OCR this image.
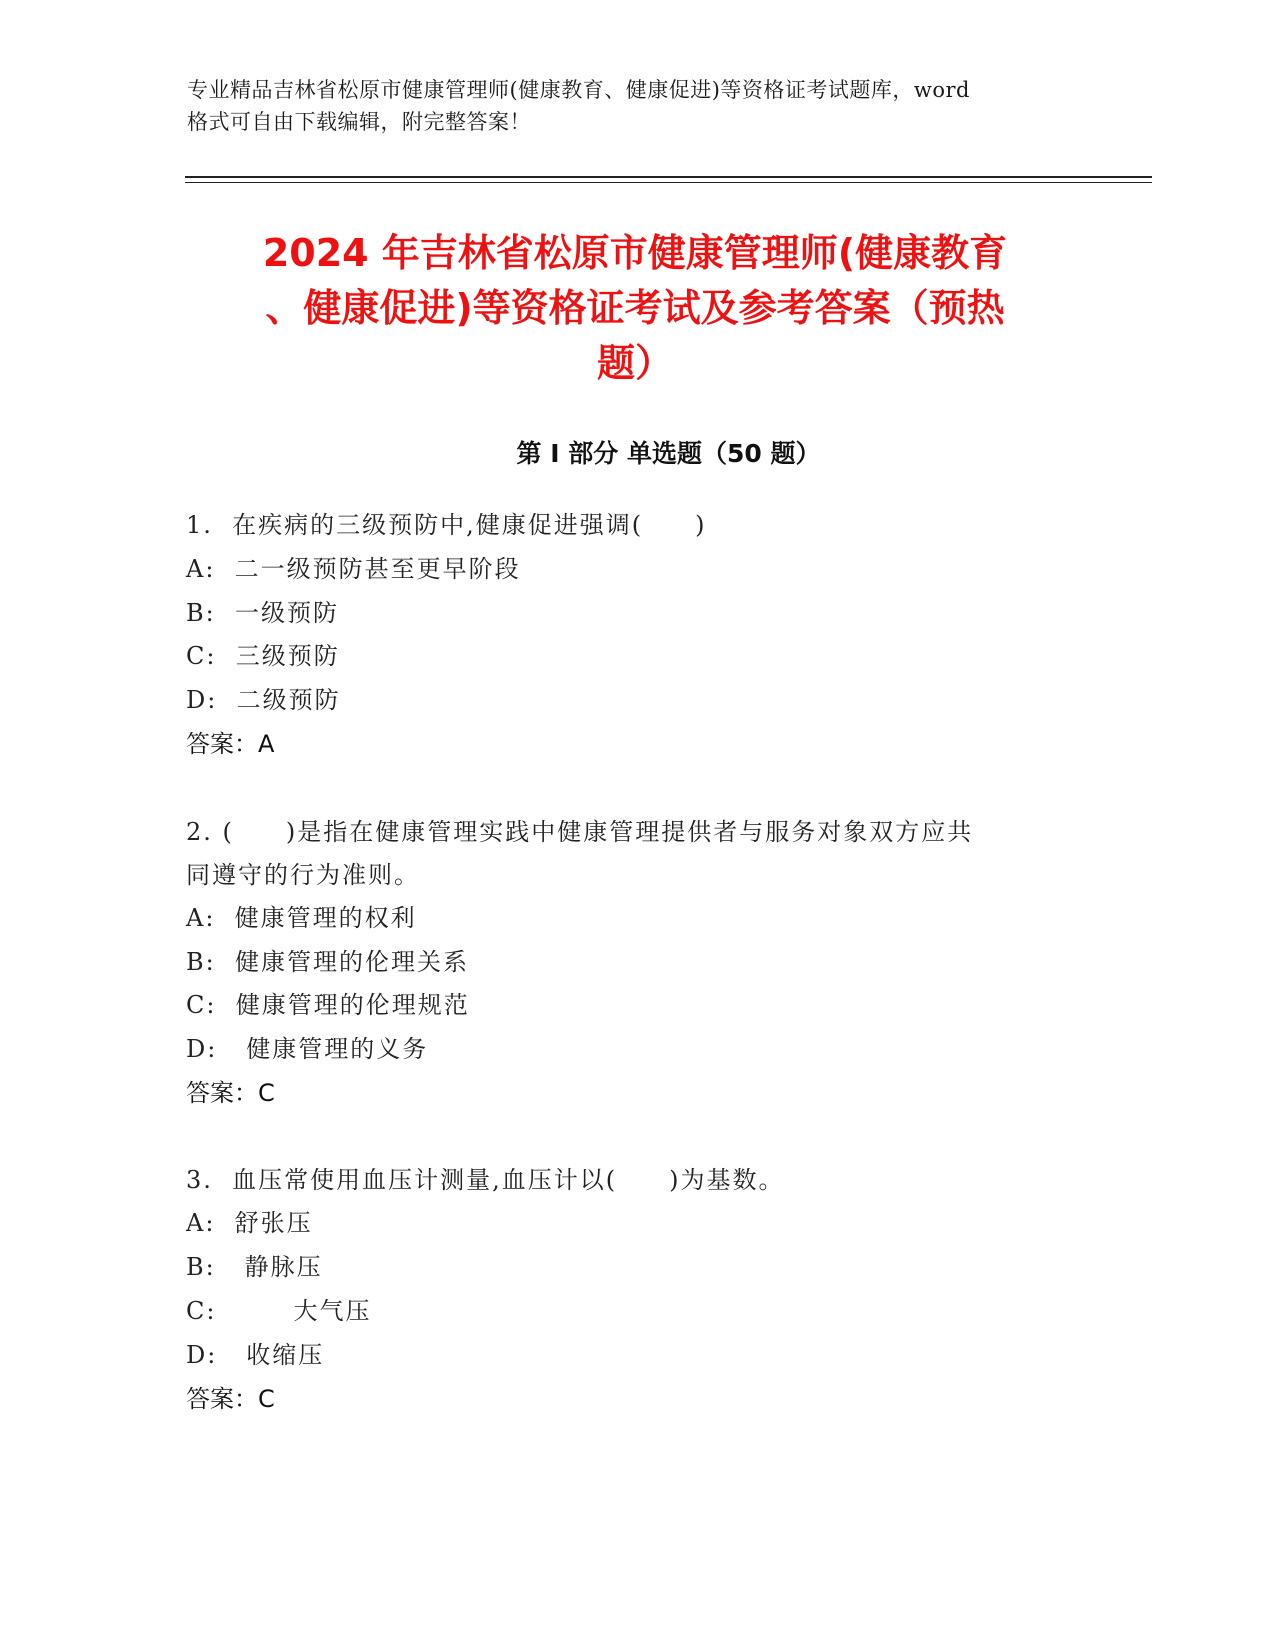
专业精品吉林省松原市健康管理师(健康教育、健康促进)等资格证考试题库，word
格式可自由下载编辑，附完整答案！
2024 年吉林省松原市健康管理师(健康教育
、健康促进)等资格证考试及参考答案（预热
题）
第 I 部分 单选题（50 题）
1.  在疾病的三级预防中,健康促进强调(　　)
A:  二一级预防甚至更早阶段
B:  一级预防
C:  三级预防
D:  二级预防
答案：A
2. (　　)是指在健康管理实践中健康管理提供者与服务对象双方应共
同遵守的行为准则。
A:  健康管理的权利
B:  健康管理的伦理关系
C:  健康管理的伦理规范
D:   健康管理的义务
答案：C
3.  血压常使用血压计测量,血压计以(　　)为基数。
A:  舒张压
B:   静脉压
C:        大气压
D:   收缩压
答案：C
